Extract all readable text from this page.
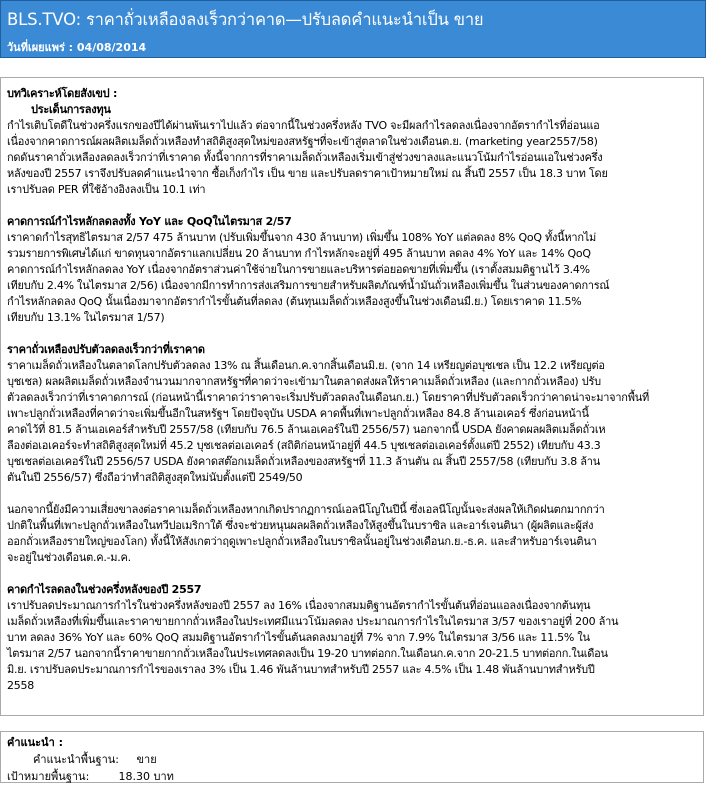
BLS.TVO: ราคาถั่วเหลืองลงเร็วกว่าคาด—ปรับลดคำแนะนำเป็น ขาย
วันที่เผยแพร่ : 04/08/2014
บทวิเคราะห์โดยสังเขป :
ประเด็นการลงทุน
กำไรเติบโตดีในช่วงครึ่งแรกของปีได้ผ่านพ้นเราไปแล้ว ต่อจากนี้ในช่วงครึ่งหลัง TVO จะมีผลกำไรลดลงเนื่องจากอัตรากำไรที่อ่อนแอ
เนื่องจากคาดการณ์ผลผลิตเมล็ดถั่วเหลืองทำสถิติสูงสุดใหม่ของสหรัฐฯที่จะเข้าสู่ตลาดในช่วงเดือนต.ย. (marketing year2557/58)
กดดันราคาถั่วเหลืองลดลงเร็วกว่าที่เราคาด ทั้งนี้จากการที่ราคาเมล็ดถั่วเหลืองเริ่มเข้าสู่ช่วงขาลงและแนวโน้มกำไรอ่อนแอในช่วงครึ่ง
หลังของปี 2557 เราจึงปรับลดคำแนะนำจาก ซื้อเก็งกำไร เป็น ขาย และปรับลดราคาเป้าหมายใหม่ ณ สิ้นปี 2557 เป็น 18.3 บาท โดย
เราปรับลด PER ที่ใช้อ้างอิงลงเป็น 10.1 เท่า
คาดการณ์กำไรหลักลดลงทั้ง YoY และ QoQในไตรมาส 2/57
เราคาดกำไรสุทธิไตรมาส 2/57 475 ล้านบาท (ปรับเพิ่มขึ้นจาก 430 ล้านบาท) เพิ่มขึ้น 108% YoY แต่ลดลง 8% QoQ ทั้งนี้หากไม่
รวมรายการพิเศษได้แก่ ขาดทุนจากอัตราแลกเปลี่ยน 20 ล้านบาท กำไรหลักจะอยู่ที่ 495 ล้านบาท ลดลง 4% YoY และ 14% QoQ
คาดการณ์กำไรหลักลดลง YoY เนื่องจากอัตราส่วนค่าใช้จ่ายในการขายและบริหารต่อยอดขายที่เพิ่มขึ้น (เราตั้งสมมติฐานไว้ 3.4%
เทียบกับ 2.4% ในไตรมาส 2/56) เนื่องจากมีการทำการส่งเสริมการขายสำหรับผลิตภัณฑ์น้ำมันถั่วเหลืองเพิ่มขึ้น ในส่วนของคาดการณ์
กำไรหลักลดลง QoQ นั้นเนื่องมาจากอัตรากำไรขั้นต้นที่ลดลง (ต้นทุนเมล็ดถั่วเหลืองสูงขึ้นในช่วงเดือนมี.ย.) โดยเราคาด 11.5%
เทียบกับ 13.1% ในไตรมาส 1/57)
ราคาถั่วเหลืองปรับตัวลดลงเร็วกว่าที่เราคาด
ราคาเมล็ดถั่วเหลืองในตลาดโลกปรับตัวลดลง 13% ณ สิ้นเดือนก.ค.จากสิ้นเดือนมิ.ย. (จาก 14 เหรียญต่อบุชเชล เป็น 12.2 เหรียญต่อ
บุชเชล) ผลผลิตเมล็ดถั่วเหลืองจำนวนมากจากสหรัฐฯที่คาดว่าจะเข้ามาในตลาดส่งผลให้ราคาเมล็ดถั่วเหลือง (และกากถั่วเหลือง) ปรับ
ตัวลดลงเร็วกว่าที่เราคาดการณ์ (ก่อนหน้านี้เราคาดว่าราคาจะเริ่มปรับตัวลดลงในเดือนก.ย.) โดยราคาที่ปรับตัวลดเร็วกว่าคาดน่าจะมาจากพื้นที่
เพาะปลูกถั่วเหลืองที่คาดว่าจะเพิ่มขึ้นอีกในสหรัฐฯ โดยปัจจุบัน USDA คาดพื้นที่เพาะปลูกถั่วเหลือง 84.8 ล้านเอเคอร์ ซึ่งก่อนหน้านี้
คาดไว้ที่ 81.5 ล้านเอเคอร์สำหรับปี 2557/58 (เทียบกับ 76.5 ล้านเอเคอร์ในปี 2556/57) นอกจากนี้ USDA ยังคาดผลผลิตเมล็ดถั่วเห
ลืองต่อเอเคอร์จะทำสถิติสูงสุดใหม่ที่ 45.2 บุชเชลต่อเอเคอร์ (สถิติก่อนหน้าอยู่ที่ 44.5 บุชเชลต่อเอเคอร์ตั้งแต่ปี 2552) เทียบกับ 43.3
บุชเชลต่อเอเคอร์ในปี 2556/57 USDA ยังคาดสต๊อกเมล็ดถั่วเหลืองของสหรัฐฯที่ 11.3 ล้านตัน ณ สิ้นปี 2557/58 (เทียบกับ 3.8 ล้าน
ตันในปี 2556/57) ซึ่งถือว่าทำสถิติสูงสุดใหม่นับตั้งแต่ปี 2549/50
นอกจากนี้ยังมีความเสี่ยงขาลงต่อราคาเมล็ดถั่วเหลืองหากเกิดปรากฏการณ์เอลนีโญในปีนี้ ซึ่งเอลนีโญนั้นจะส่งผลให้เกิดฝนตกมากกว่า
ปกติในพื้นที่เพาะปลูกถั่วเหลืองในทวีปอเมริกาใต้ ซึ่งจะช่วยหนุนผลผลิตถั่วเหลืองให้สูงขึ้นในบราซิล และอาร์เจนตินา (ผู้ผลิตและผู้ส่ง
ออกถั่วเหลืองรายใหญ่ของโลก) ทั้งนี้ให้สังเกตว่าฤดูเพาะปลูกถั่วเหลืองในบราซิลนั้นอยู่ในช่วงเดือนก.ย.-ธ.ค. และสำหรับอาร์เจนตินา
จะอยู่ในช่วงเดือนต.ค.-ม.ค.
คาดกำไรลดลงในช่วงครึ่งหลังของปี 2557
เราปรับลดประมาณการกำไรในช่วงครึ่งหลังของปี 2557 ลง 16% เนื่องจากสมมติฐานอัตรากำไรขั้นต้นที่อ่อนแอลงเนื่องจากต้นทุน
เมล็ดถั่วเหลืองที่เพิ่มขึ้นและราคาขายกากถั่วเหลืองในประเทศมีแนวโน้มลดลง ประมาณการกำไรในไตรมาส 3/57 ของเราอยู่ที่ 200 ล้าน
บาท ลดลง 36% YoY และ 60% QoQ สมมติฐานอัตรากำไรขั้นต้นลดลงมาอยู่ที่ 7% จาก 7.9% ในไตรมาส 3/56 และ 11.5% ใน
ไตรมาส 2/57 นอกจากนี้ราคาขายกากถั่วเหลืองในประเทศลดลงเป็น 19-20 บาทต่อกก.ในเดือนก.ค.จาก 20-21.5 บาทต่อกก.ในเดือน
มิ.ย. เราปรับลดประมาณการกำไรของเราลง 3% เป็น 1.46 พันล้านบาทสำหรับปี 2557 และ 4.5% เป็น 1.48 พันล้านบาทสำหรับปี
2558
คำแนะนำ :
คำแนะนำพื้นฐาน: ขาย
เป้าหมายพื้นฐาน:	18.30 บาท
